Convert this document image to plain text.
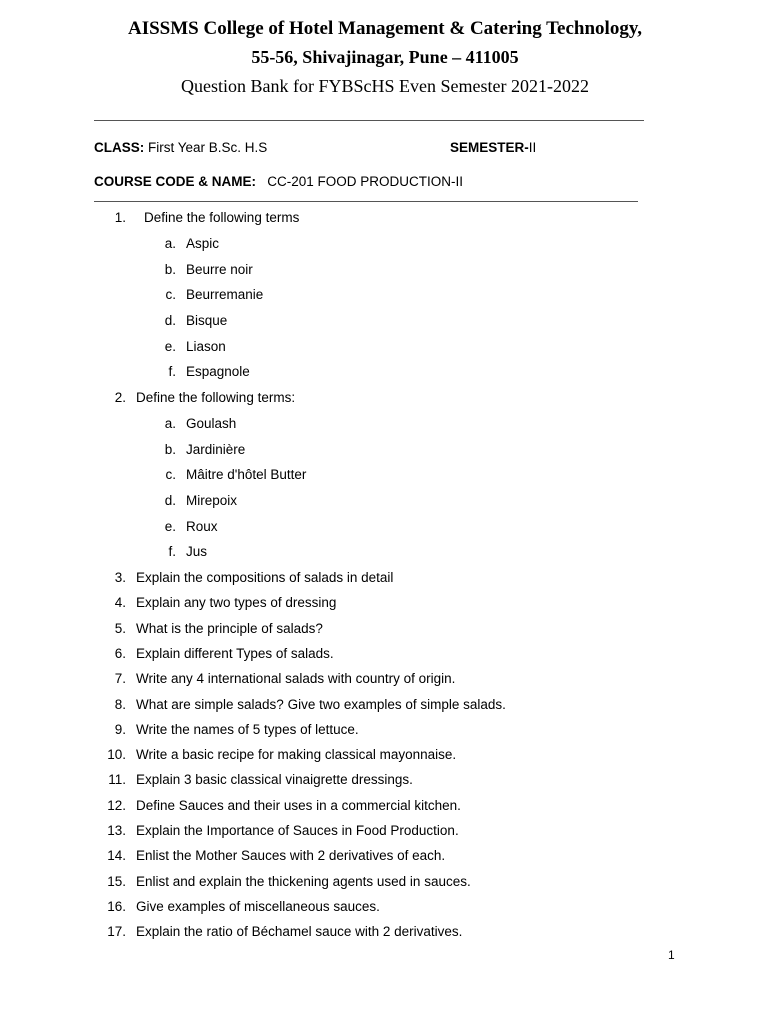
AISSMS College of Hotel Management & Catering Technology,
55-56, Shivajinagar, Pune – 411005
Question Bank for FYBScHS Even Semester 2021-2022
CLASS: First Year B.Sc. H.S	SEMESTER-II
COURSE CODE & NAME: CC-201 FOOD PRODUCTION-II
1. Define the following terms
a. Aspic
b. Beurre noir
c. Beurremanie
d. Bisque
e. Liason
f. Espagnole
2. Define the following terms:
a. Goulash
b. Jardinière
c. Mâitre d'hôtel Butter
d. Mirepoix
e. Roux
f. Jus
3. Explain the compositions of salads in detail
4. Explain any two types of dressing
5. What is the principle of salads?
6. Explain different Types of salads.
7. Write any 4 international salads with country of origin.
8. What are simple salads? Give two examples of simple salads.
9. Write the names of 5 types of lettuce.
10. Write a basic recipe for making classical mayonnaise.
11. Explain 3 basic classical vinaigrette dressings.
12. Define Sauces and their uses in a commercial kitchen.
13. Explain the Importance of Sauces in Food Production.
14. Enlist the Mother Sauces with 2 derivatives of each.
15. Enlist and explain the thickening agents used in sauces.
16. Give examples of miscellaneous sauces.
17. Explain the ratio of Béchamel sauce with 2 derivatives.
1
